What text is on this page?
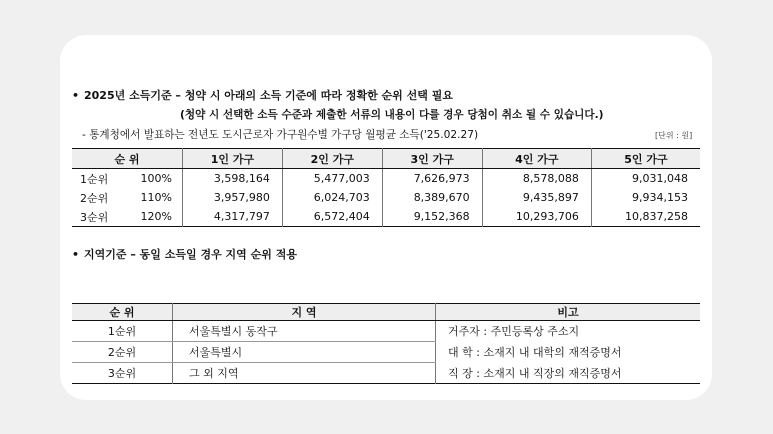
• 2025년 소득기준 – 청약 시 아래의 소득 기준에 따라 정확한 순위 선택 필요
(청약 시 선택한 소득 수준과 제출한 서류의 내용이 다를 경우 당첨이 취소 될 수 있습니다.)
- 통계청에서 발표하는 전년도 도시근로자 가구원수별 가구당 월평균 소득('25.02.27)	[단위 : 원]
순 위		1인 가구	2인 가구	3인 가구	4인 가구	5인 가구
1순위	100%	3,598,164	5,477,003	7,626,973	8,578,088	9,031,048
2순위	110%	3,957,980	6,024,703	8,389,670	9,435,897	9,934,153
3순위	120%	4,317,797	6,572,404	9,152,368	10,293,706	10,837,258
• 지역기준 – 동일 소득일 경우 지역 순위 적용
순 위	지 역	비고
1순위	서울특별시 동작구	거주자 : 주민등록상 주소지
2순위	서울특별시	대 학 : 소재지 내 대학의 재적증명서
3순위	그 외 지역	직 장 : 소재지 내 직장의 재직증명서
